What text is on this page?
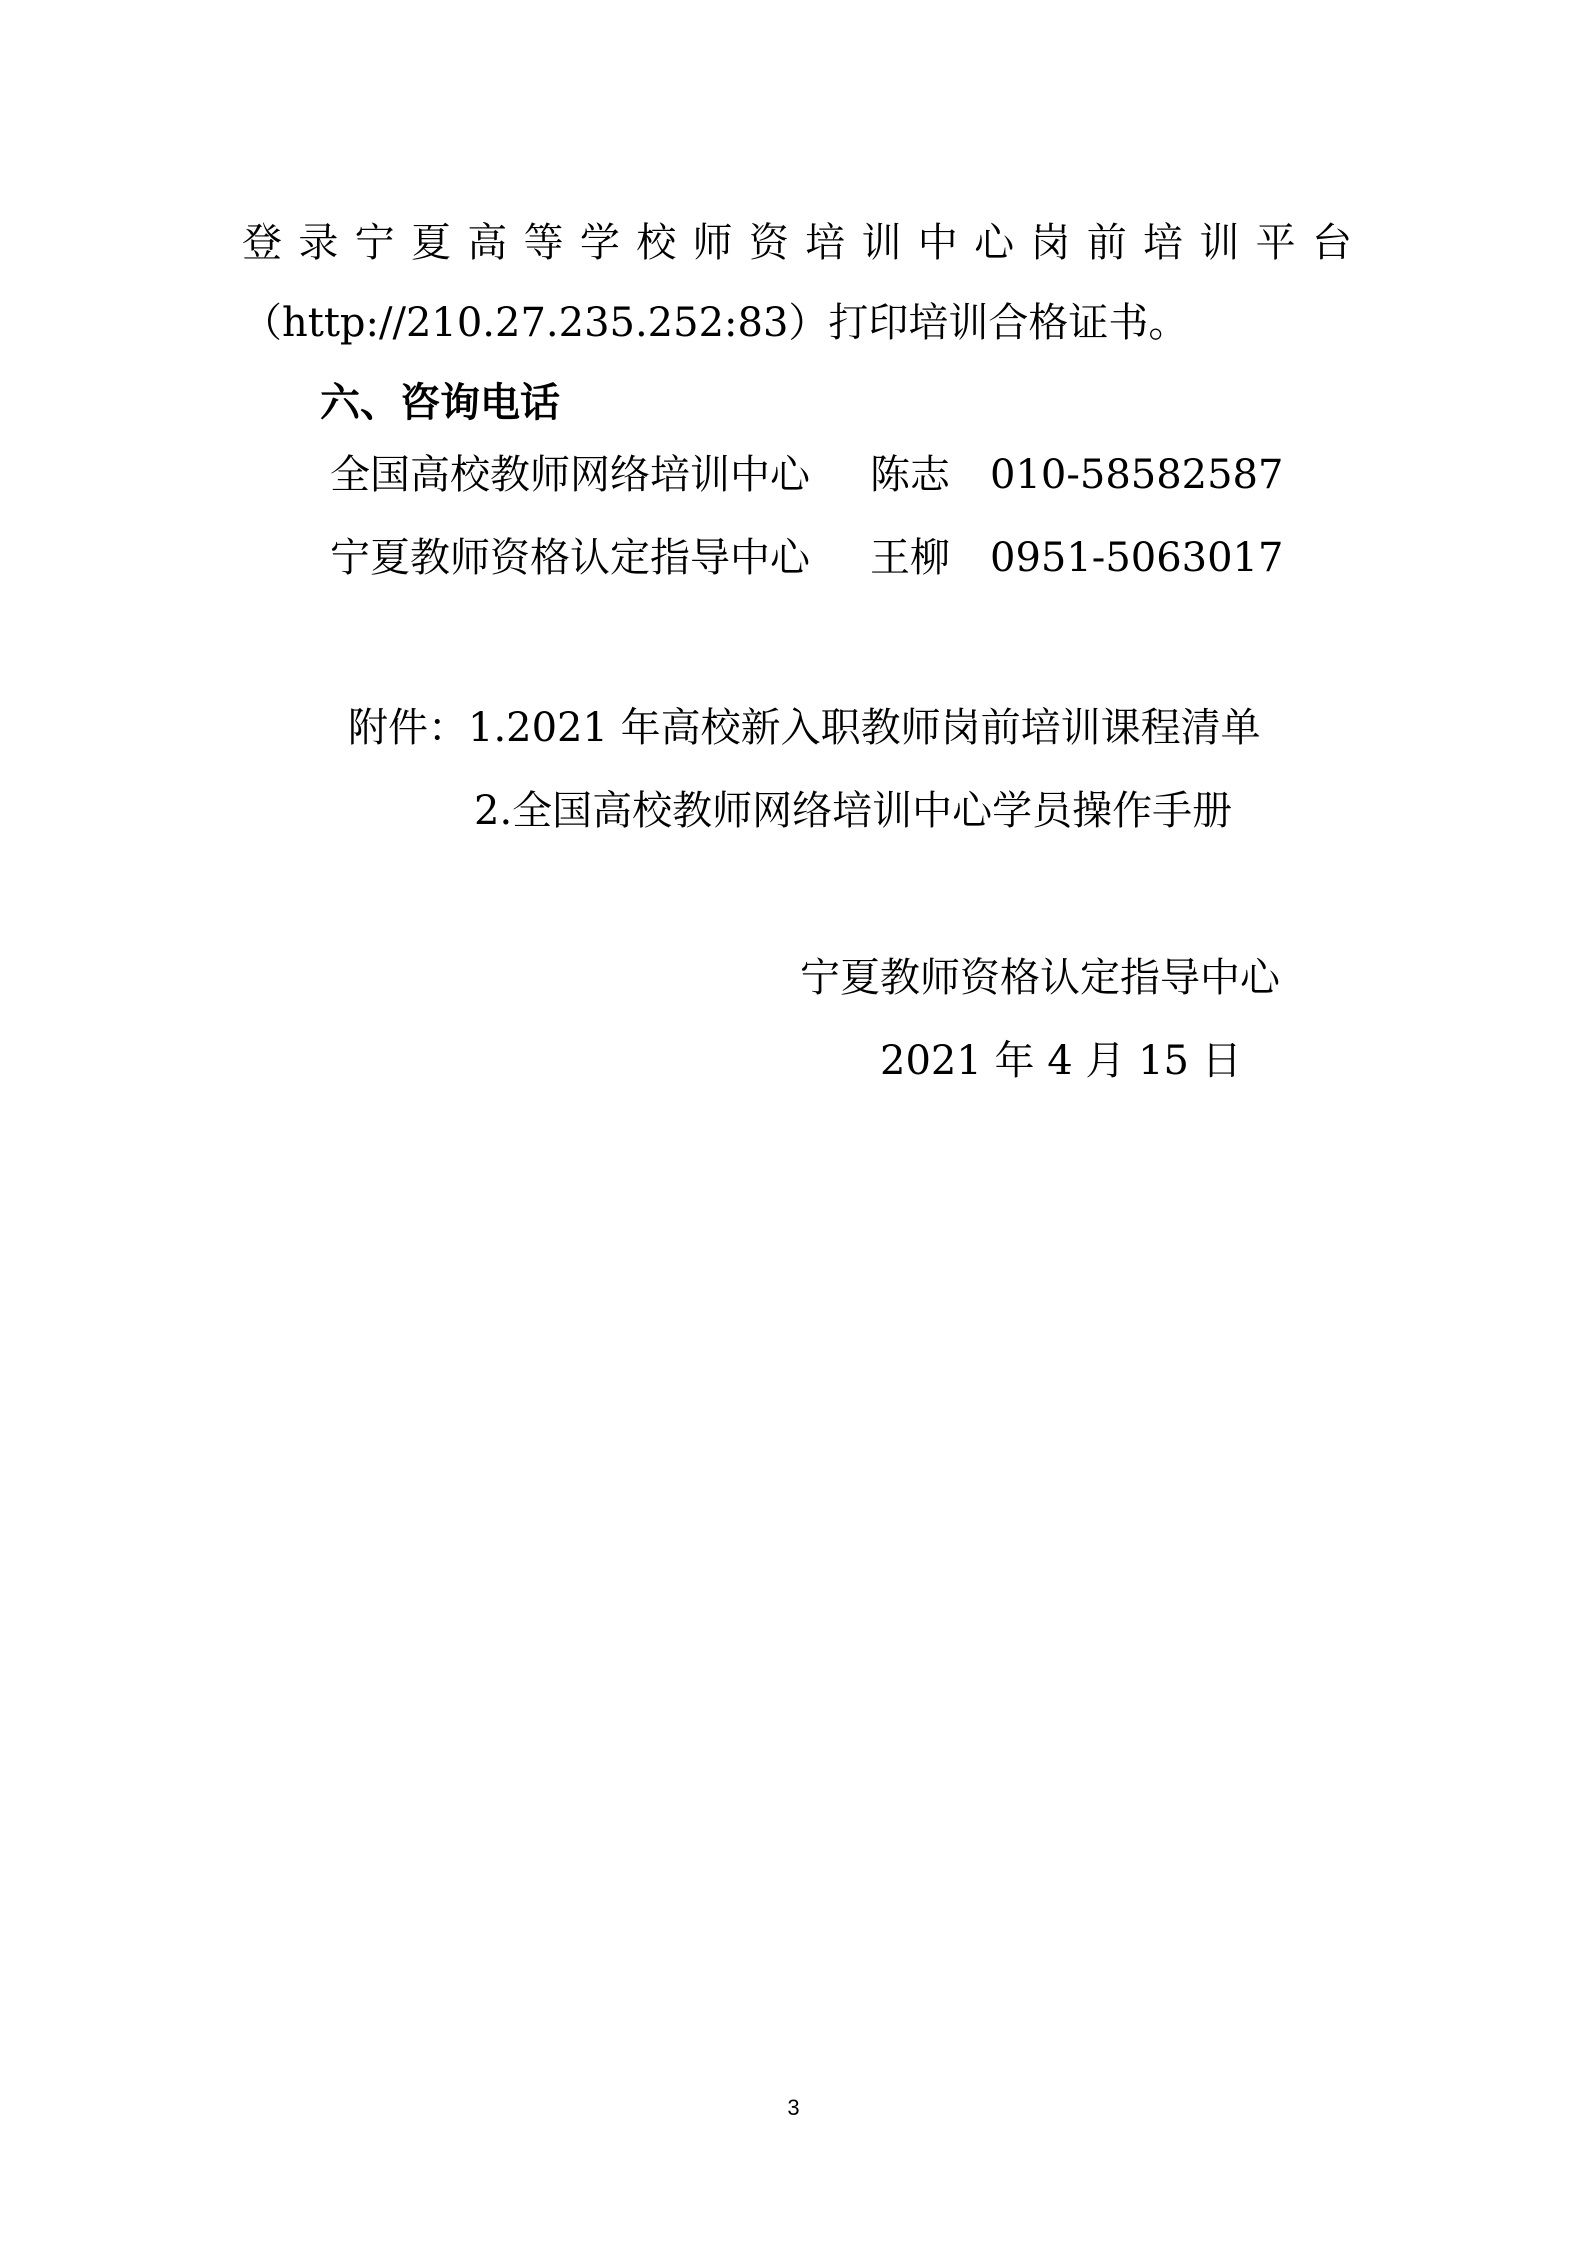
登录宁夏高等学校师资培训中心岗前培训平台
（http://210.27.235.252:83）打印培训合格证书。
六、咨询电话
全国高校教师网络培训中心 陈志 010-58582587
宁夏教师资格认定指导中心 王柳 0951-5063017
附件：1.2021 年高校新入职教师岗前培训课程清单
2.全国高校教师网络培训中心学员操作手册
宁夏教师资格认定指导中心
2021 年 4 月 15 日
3
